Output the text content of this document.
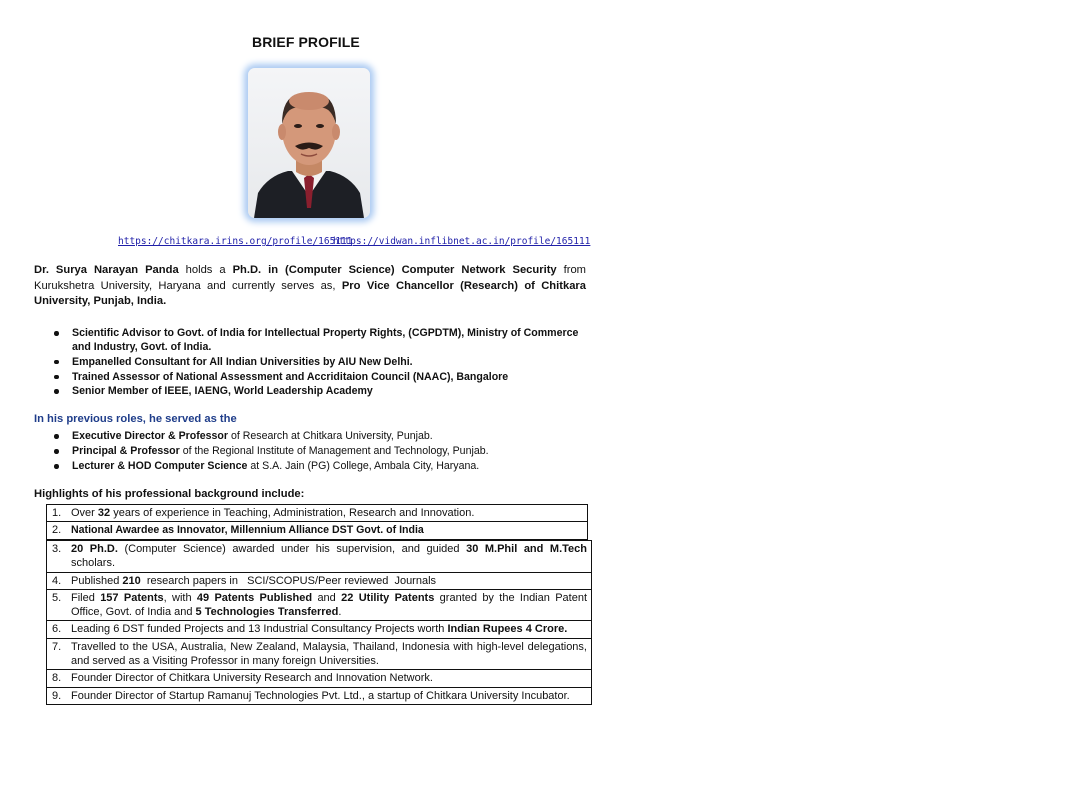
BRIEF PROFILE
https://chitkara.irins.org/profile/165111
https://vidwan.inflibnet.ac.in/profile/165111
Dr. Surya Narayan Panda holds a Ph.D. in (Computer Science) Computer Network Security from Kurukshetra University, Haryana and currently serves as, Pro Vice Chancellor (Research) of Chitkara University, Punjab, India.
Scientific Advisor to Govt. of India for Intellectual Property Rights, (CGPDTM), Ministry of Commerce and Industry, Govt. of India.
Empanelled Consultant for All Indian Universities by AIU New Delhi.
Trained Assessor of National Assessment and Accriditaion Council (NAAC), Bangalore
Senior Member of IEEE, IAENG, World Leadership Academy
In his previous roles, he served as the
Executive Director & Professor of Research at Chitkara University, Punjab.
Principal & Professor of the Regional Institute of Management and Technology, Punjab.
Lecturer & HOD Computer Science at S.A. Jain (PG) College, Ambala City, Haryana.
Highlights of his professional background include:
1.	Over 32 years of experience in Teaching, Administration, Research and Innovation.
2.	National Awardee as Innovator, Millennium Alliance DST Govt. of India
3.	20 Ph.D. (Computer Science) awarded under his supervision, and guided 30 M.Phil and M.Tech scholars.
4.	Published 210  research papers in   SCI/SCOPUS/Peer reviewed  Journals
5.	Filed 157 Patents, with 49 Patents Published and 22 Utility Patents granted by the Indian Patent Office, Govt. of India and 5 Technologies Transferred.
6.	Leading 6 DST funded Projects and 13 Industrial Consultancy Projects worth Indian Rupees 4 Crore.
7.	Travelled to the USA, Australia, New Zealand, Malaysia, Thailand, Indonesia with high-level delegations, and served as a Visiting Professor in many foreign Universities.
8.	Founder Director of Chitkara University Research and Innovation Network.
9.	Founder Director of Startup Ramanuj Technologies Pvt. Ltd., a startup of Chitkara University Incubator.
